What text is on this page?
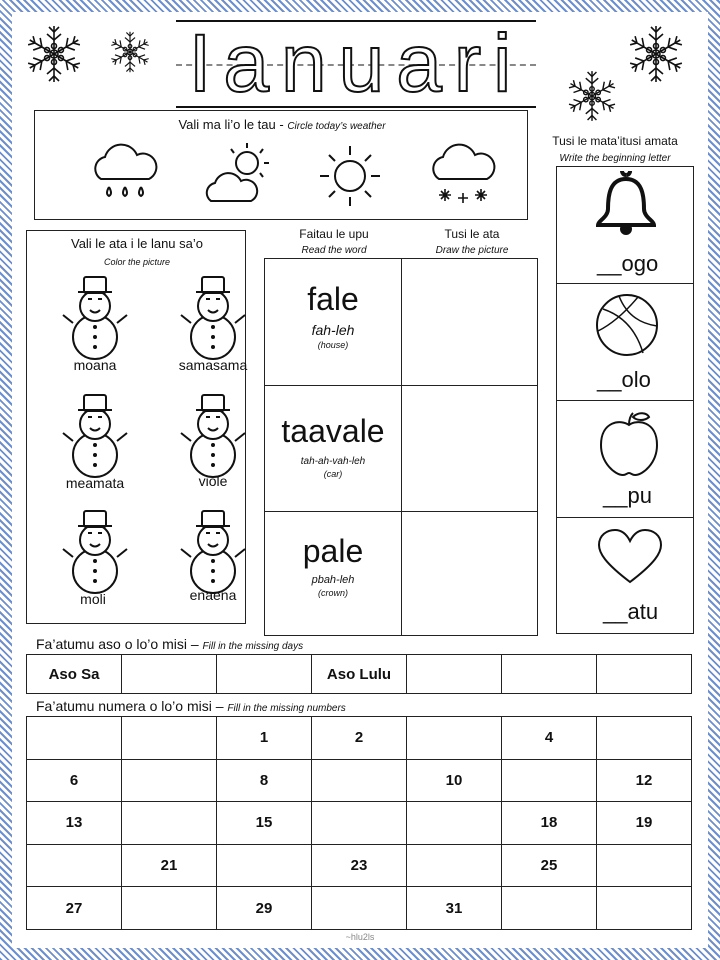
Ianuari
Vali ma li’o le tau - Circle today’s weather
Vali le ata i le lanu sa’o
Color the picture
moana	samasama
meamata	viole
moli	enaena
Faitau le upu
Read the word
Tusi le ata
Draw the picture
fale
fah-leh
(house)
taavale
tah-ah-vah-leh
(car)
pale
pbah-leh
(crown)
Tusi le mata’itusi amata
Write the beginning letter
__ogo
__olo
__pu
__atu
Fa’atumu aso o lo’o misi – Fill in the missing days
Aso Sa			Aso Lulu			
Fa’atumu numera o lo’o misi – Fill in the missing numbers
		1	2		4	
6		8		10		12
13		15			18	19
	21		23		25	
27		29		31		
~hlu2ls
